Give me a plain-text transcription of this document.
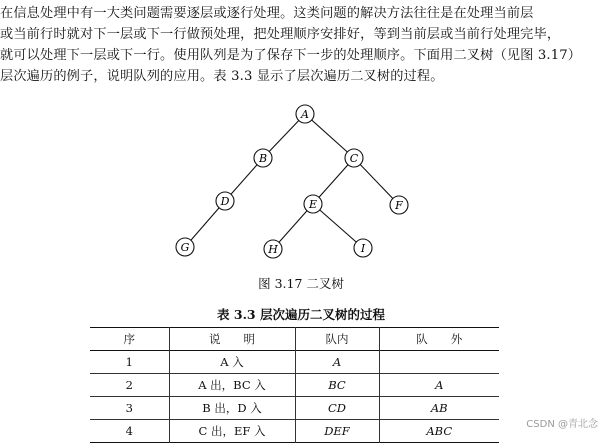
在信息处理中有一大类问题需要逐层或逐行处理。这类问题的解决方法往往是在处理当前层
或当前行时就对下一层或下一行做预处理，把处理顺序安排好，等到当前层或当前行处理完毕，
就可以处理下一层或下一行。使用队列是为了保存下一步的处理顺序。下面用二叉树（见图 3.17）
层次遍历的例子，说明队列的应用。表 3.3 显示了层次遍历二叉树的过程。
A
B	C
D	E	F
G	H	I
图 3.17 二叉树
表 3.3 层次遍历二叉树的过程
序	说　　明	队内	队　　外
1	A 入	A	
2	A 出，BC 入	BC	A
3	B 出，D 入	CD	AB
4	C 出，EF 入	DEF	ABC	CSDN @青北念
